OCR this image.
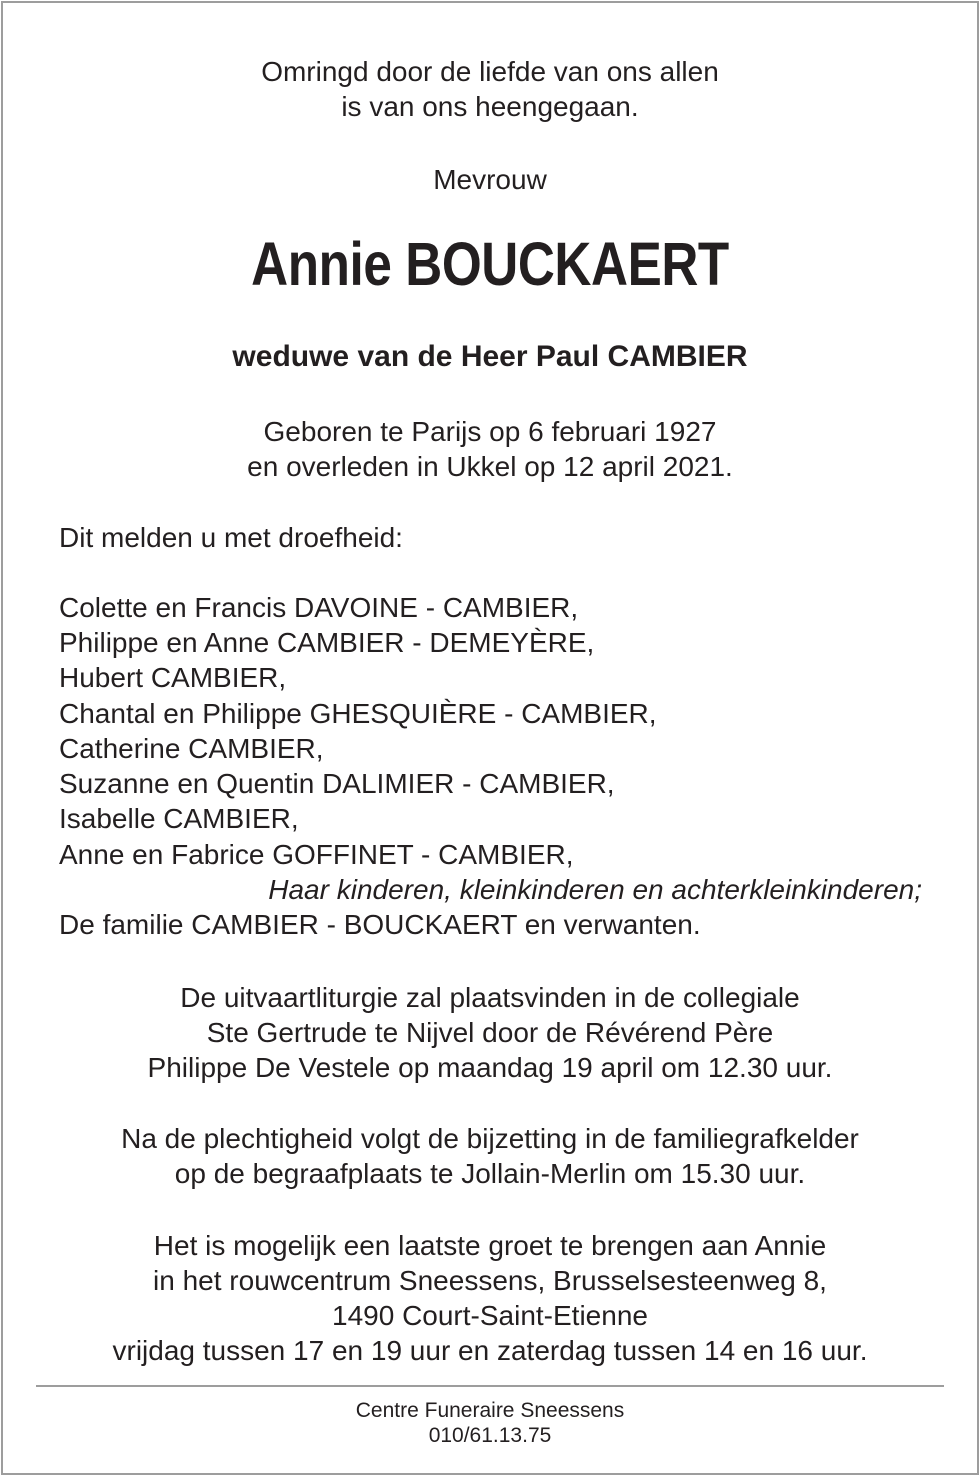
Omringd door de liefde van ons allen
is van ons heengegaan.
Mevrouw
Annie BOUCKAERT
weduwe van de Heer Paul CAMBIER
Geboren te Parijs op 6 februari 1927
en overleden in Ukkel op 12 april 2021.
Dit melden u met droefheid:
Colette en Francis DAVOINE - CAMBIER,
Philippe en Anne CAMBIER - DEMEYÈRE,
Hubert CAMBIER,
Chantal en Philippe GHESQUIÈRE - CAMBIER,
Catherine CAMBIER,
Suzanne en Quentin DALIMIER - CAMBIER,
Isabelle CAMBIER,
Anne en Fabrice GOFFINET - CAMBIER,
Haar kinderen, kleinkinderen en achterkleinkinderen;
De familie CAMBIER - BOUCKAERT en verwanten.
De uitvaartliturgie zal plaatsvinden in de collegiale
Ste Gertrude te Nijvel door de Révérend Père
Philippe De Vestele op maandag 19 april om 12.30 uur.
Na de plechtigheid volgt de bijzetting in de familiegrafkelder
op de begraafplaats te Jollain-Merlin om 15.30 uur.
Het is mogelijk een laatste groet te brengen aan Annie
in het rouwcentrum Sneessens, Brusselsesteenweg 8,
1490 Court-Saint-Etienne
vrijdag tussen 17 en 19 uur en zaterdag tussen 14 en 16 uur.
Centre Funeraire Sneessens
010/61.13.75
